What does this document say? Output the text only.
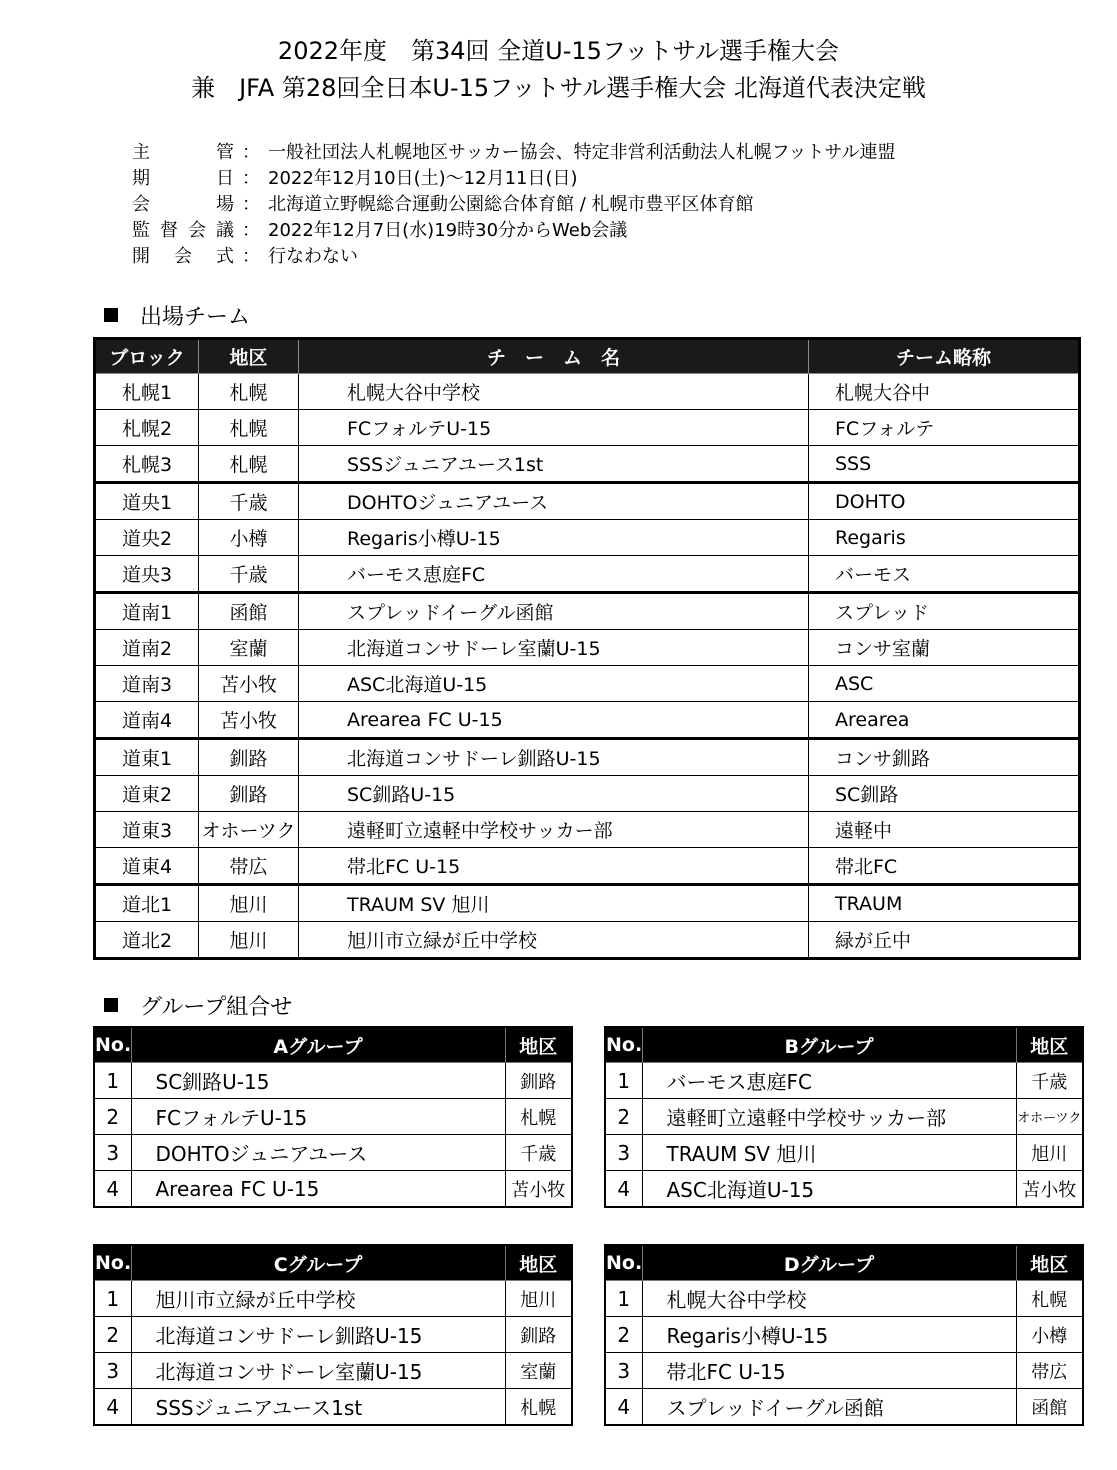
2022年度　第34回 全道U-15フットサル選手権大会
兼　JFA 第28回全日本U-15フットサル選手権大会 北海道代表決定戦
主	管 ： 一般社団法人札幌地区サッカー協会、特定非営利活動法人札幌フットサル連盟
期	日 ： 2022年12月10日(土)～12月11日(日)
会	場 ： 北海道立野幌総合運動公園総合体育館 / 札幌市豊平区体育館
監 督 会 議 ： 2022年12月7日(水)19時30分からWeb会議
開 会 式 ： 行なわない
出場チーム
ブロック	地区	チ　ー　ム　名	チーム略称
札幌1	札幌	札幌大谷中学校	札幌大谷中
札幌2	札幌	FCフォルテU-15	FCフォルテ
札幌3	札幌	SSSジュニアユース1st	SSS
道央1	千歳	DOHTOジュニアユース	DOHTO
道央2	小樽	Regaris小樽U-15	Regaris
道央3	千歳	バーモス恵庭FC	バーモス
道南1	函館	スプレッドイーグル函館	スプレッド
道南2	室蘭	北海道コンサドーレ室蘭U-15	コンサ室蘭
道南3	苫小牧	ASC北海道U-15	ASC
道南4	苫小牧	Arearea FC U-15	Arearea
道東1	釧路	北海道コンサドーレ釧路U-15	コンサ釧路
道東2	釧路	SC釧路U-15	SC釧路
道東3	オホーツク	遠軽町立遠軽中学校サッカー部	遠軽中
道東4	帯広	帯北FC U-15	帯北FC
道北1	旭川	TRAUM SV 旭川	TRAUM
道北2	旭川	旭川市立緑が丘中学校	緑が丘中
グループ組合せ
No.	Aグループ	地区
1	SC釧路U-15	釧路
2	FCフォルテU-15	札幌
3	DOHTOジュニアユース	千歳
4	Arearea FC U-15	苫小牧
No.	Bグループ	地区
1	バーモス恵庭FC	千歳
2	遠軽町立遠軽中学校サッカー部	オホーツク
3	TRAUM SV 旭川	旭川
4	ASC北海道U-15	苫小牧
No.	Cグループ	地区
1	旭川市立緑が丘中学校	旭川
2	北海道コンサドーレ釧路U-15	釧路
3	北海道コンサドーレ室蘭U-15	室蘭
4	SSSジュニアユース1st	札幌
No.	Dグループ	地区
1	札幌大谷中学校	札幌
2	Regaris小樽U-15	小樽
3	帯北FC U-15	帯広
4	スプレッドイーグル函館	函館
